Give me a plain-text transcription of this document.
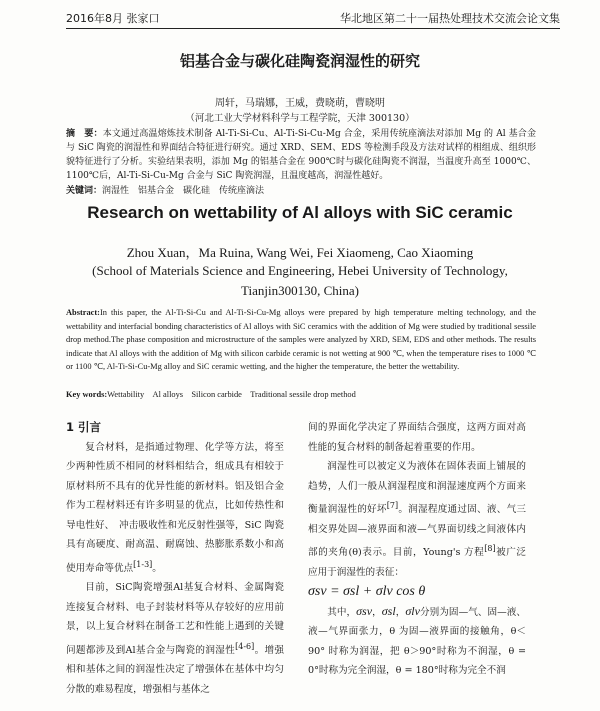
2016年8月 张家口	华北地区第二十一届热处理技术交流会论文集
铝基合金与碳化硅陶瓷润湿性的研究
周轩，马瑞娜，王威，费晓萌，曹晓明
（河北工业大学材料科学与工程学院，天津 300130）
摘　要：本文通过高温熔炼技术制备 Al-Ti-Si-Cu、Al-Ti-Si-Cu-Mg 合金，采用传统座滴法对添加 Mg 的 Al 基合金与 SiC 陶瓷的润湿性和界面结合特征进行研究。通过 XRD、SEM、EDS 等检测手段及方法对试样的相组成、组织形貌特征进行了分析。实验结果表明，添加 Mg 的铝基合金在 900℃时与碳化硅陶瓷不润湿，当温度升高至 1000℃、1100℃后，Al-Ti-Si-Cu-Mg 合金与 SiC 陶瓷润湿，且温度越高，润湿性越好。
关键词：润湿性　铝基合金　碳化硅　传统座滴法
Research on wettability of Al alloys with SiC ceramic
Zhou Xuan，Ma Ruina, Wang Wei, Fei Xiaomeng, Cao Xiaoming
(School of Materials Science and Engineering, Hebei University of Technology,
Tianjin300130, China)
Abstract:In this paper, the Al-Ti-Si-Cu and Al-Ti-Si-Cu-Mg alloys were prepared by high temperature melting technology, and the wettability and interfacial bonding characteristics of Al alloys with SiC ceramics with the addition of Mg were studied by traditional sessile drop method.The phase composition and microstructure of the samples were analyzed by XRD, SEM, EDS and other methods. The results indicate that Al alloys with the addition of Mg with silicon carbide ceramic is not wetting at 900 ℃, when the temperature rises to 1000 ℃ or 1100 ℃, Al-Ti-Si-Cu-Mg alloy and SiC ceramic wetting, and the higher the temperature, the better the wettability.
Key words:Wettability　Al alloys　Silicon carbide　Traditional sessile drop method

1 引言

复合材料，是指通过物理、化学等方法，将至少两种性质不相同的材料相结合，组成具有相较于原材料所不具有的优异性能的新材料。铝及铝合金作为工程材料还有许多明显的优点，比如传热性和导电性好、　冲击吸收性和光反射性强等，SiC 陶瓷具有高硬度、耐高温、耐腐蚀、热膨胀系数小和高使用寿命等优点[1-3]。

目前，SiC陶瓷增强Al基复合材料、金属陶瓷连接复合材料、电子封装材料等从存较好的应用前景，以上复合材料在制备工艺和性能上遇到的关键问题都涉及到Al基合金与陶瓷的润湿性[4-6]。增强相和基体之间的润湿性决定了增强体在基体中均匀分散的难易程度，增强相与基体之

间的界面化学决定了界面结合强度，这两方面对高性能的复合材料的制备起着重要的作用。

润湿性可以被定义为液体在固体表面上铺展的趋势，人们一般从润湿程度和润湿速度两个方面来衡量润湿性的好坏[7]。润湿程度通过固、液、气三相交界处固—液界面和液—气界面切线之间液体内部的夹角(θ)表示。目前，Young's 方程[8]被广泛应用于润湿性的表征：

σsv = σsl + σlv cos θ

其中，σsv，σsl，σlv分别为固—气、固—液、液—气界面张力，θ 为固—液界面的接触角，θ＜90° 时称为润湿，把 θ＞90°时称为不润湿，θ = 0°时称为完全润湿，θ = 180°时称为完全不润
